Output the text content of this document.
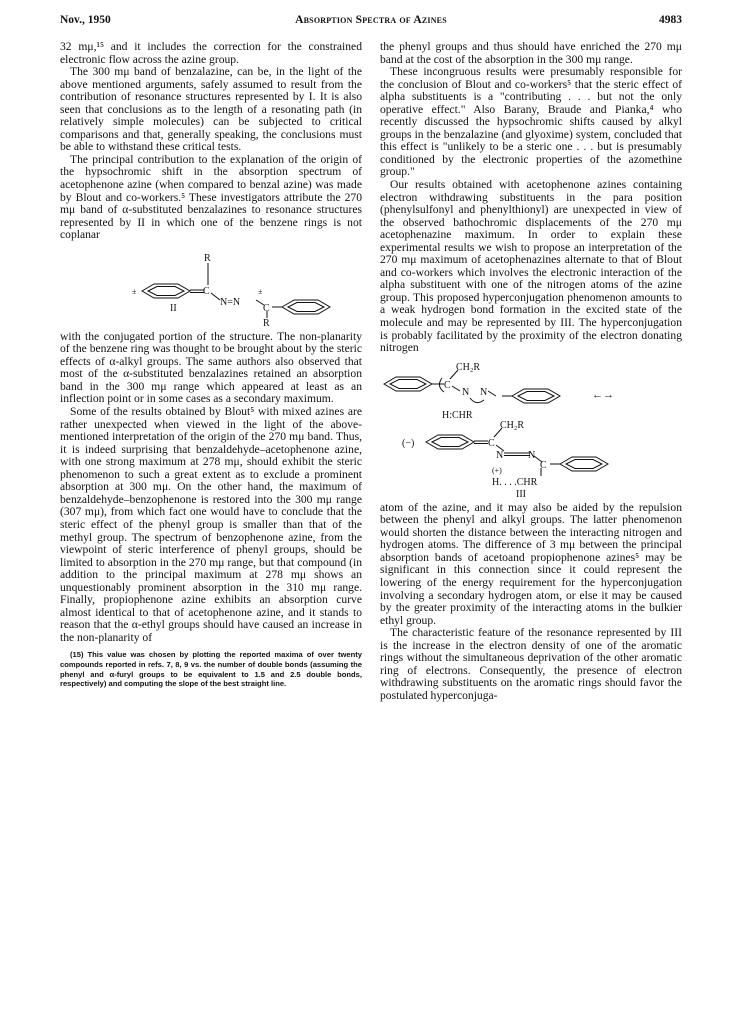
Nov., 1950	Absorption Spectra of Azines	4983

32 mμ,¹⁵ and it includes the correction for the constrained electronic flow across the azine group.

The 300 mμ band of benzalazine, can be, in the light of the above mentioned arguments, safely assumed to result from the contribution of resonance structures represented by I. It is also seen that conclusions as to the length of a resonating path (in relatively simple molecules) can be subjected to critical comparisons and that, generally speaking, the conclusions must be able to withstand these critical tests.

The principal contribution to the explanation of the origin of the hypsochromic shift in the absorption spectrum of acetophenone azine (when compared to benzal azine) was made by Blout and co-workers.⁵ These investigators attribute the 270 mμ band of α-substituted benzalazines to resonance structures represented by II in which one of the benzene rings is not coplanar

R
C
N=N
C
R
±	±
II

with the conjugated portion of the structure. The non-planarity of the benzene ring was thought to be brought about by the steric effects of α-alkyl groups. The same authors also observed that most of the α-substituted benzalazines retained an absorption band in the 300 mμ range which appeared at least as an inflection point or in some cases as a secondary maximum.

Some of the results obtained by Blout⁵ with mixed azines are rather unexpected when viewed in the light of the above-mentioned interpretation of the origin of the 270 mμ band. Thus, it is indeed surprising that benzaldehyde–acetophenone azine, with one strong maximum at 278 mμ, should exhibit the steric phenomenon to such a great extent as to exclude a prominent absorption at 300 mμ. On the other hand, the maximum of benzaldehyde–benzophenone is restored into the 300 mμ range (307 mμ), from which fact one would have to conclude that the steric effect of the phenyl group is smaller than that of the methyl group. The spectrum of benzophenone azine, from the viewpoint of steric interference of phenyl groups, should be limited to absorption in the 270 mμ range, but that compound (in addition to the principal maximum at 278 mμ shows an unquestionably prominent absorption in the 310 mμ range. Finally, propiophenone azine exhibits an absorption curve almost identical to that of acetophenone azine, and it stands to reason that the α-ethyl groups should have caused an increase in the non-planarity of

(15) This value was chosen by plotting the reported maxima of over twenty compounds reported in refs. 7, 8, 9 vs. the number of double bonds (assuming the phenyl and α-furyl groups to be equivalent to 1.5 and 2.5 double bonds, respectively) and computing the slope of the best straight line.

the phenyl groups and thus should have enriched the 270 mμ band at the cost of the absorption in the 300 mμ range.

These incongruous results were presumably responsible for the conclusion of Blout and co-workers⁵ that the steric effect of alpha substituents is a "contributing . . . but not the only operative effect." Also Barany, Braude and Pianka,⁴ who recently discussed the hypsochromic shifts caused by alkyl groups in the benzalazine (and glyoxime) system, concluded that this effect is "unlikely to be a steric one . . . but is presumably conditioned by the electronic properties of the azomethine group."

Our results obtained with acetophenone azines containing electron withdrawing substituents in the para position (phenylsulfonyl and phenylthionyl) are unexpected in view of the observed bathochromic displacements of the 270 mμ acetophenazine maximum. In order to explain these experimental results we wish to propose an interpretation of the 270 mμ maximum of acetophenazines alternate to that of Blout and co-workers which involves the electronic interaction of the alpha substituent with one of the nitrogen atoms of the azine group. This proposed hyperconjugation phenomenon amounts to a weak hydrogen bond formation in the excited state of the molecule and may be represented by III. The hyperconjugation is probably facilitated by the proximity of the electron donating nitrogen

CH₂R
C
N N
H:CHR
←→
(−)	C
CH₂R
N N
(+)	C
H. . . .CHR
III

atom of the azine, and it may also be aided by the repulsion between the phenyl and alkyl groups. The latter phenomenon would shorten the distance between the interacting nitrogen and hydrogen atoms. The difference of 3 mμ between the principal absorption bands of acetoand propiophenone azines⁵ may be significant in this connection since it could represent the lowering of the energy requirement for the hyperconjugation involving a secondary hydrogen atom, or else it may be caused by the greater proximity of the interacting atoms in the bulkier ethyl group.

The characteristic feature of the resonance represented by III is the increase in the electron density of one of the aromatic rings without the simultaneous deprivation of the other aromatic ring of electrons. Consequently, the presence of electron withdrawing substituents on the aromatic rings should favor the postulated hyperconjuga-
